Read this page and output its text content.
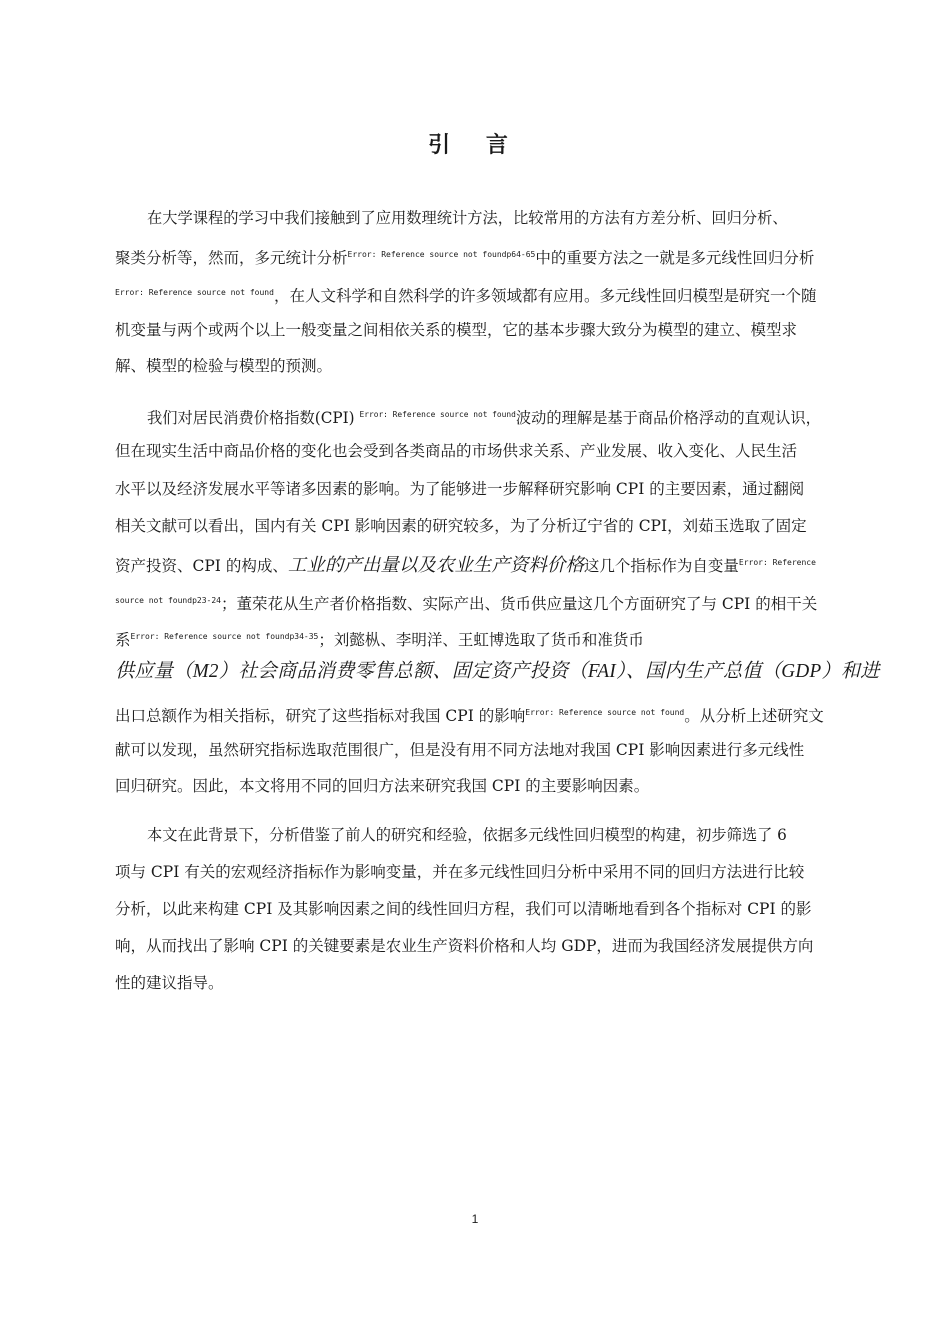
引 言
在大学课程的学习中我们接触到了应用数理统计方法，比较常用的方法有方差分析、回归分析、
聚类分析等，然而，多元统计分析$^{Error: Reference source not foundp64-65}$中的重要方法之一就是多元线性回归分析
$^{Error: Reference source not found}$，在人文科学和自然科学的许多领域都有应用。多元线性回归模型是研究一个随
机变量与两个或两个以上一般变量之间相依关系的模型，它的基本步骤大致分为模型的建立、模型求
解、模型的检验与模型的预测。
我们对居民消费价格指数(CPI) $^{Error: Reference source not found}$波动的理解是基于商品价格浮动的直观认识，
但在现实生活中商品价格的变化也会受到各类商品的市场供求关系、产业发展、收入变化、人民生活
水平以及经济发展水平等诸多因素的影响。为了能够进一步解释研究影响 CPI 的主要因素，通过翻阅
相关文献可以看出，国内有关 CPI 影响因素的研究较多，为了分析辽宁省的 CPI，刘茹玉选取了固定
资产投资、CPI 的构成、工业的产出量以及农业生产资料价格这几个指标作为自变量$^{Error: Reference}$
$^{source not foundp23-24}$；董荣花从生产者价格指数、实际产出、货币供应量这几个方面研究了与 CPI 的相干关
系$^{Error: Reference source not foundp34-35}$；刘懿枞、李明洋、王虹博选取了货币和准货币
供应量（M2）社会商品消费零售总额、固定资产投资（FAI）、国内生产总值（GDP）和进
出口总额作为相关指标，研究了这些指标对我国 CPI 的影响$^{Error: Reference source not found}$。从分析上述研究文
献可以发现，虽然研究指标选取范围很广，但是没有用不同方法地对我国 CPI 影响因素进行多元线性
回归研究。因此，本文将用不同的回归方法来研究我国 CPI 的主要影响因素。
本文在此背景下，分析借鉴了前人的研究和经验，依据多元线性回归模型的构建，初步筛选了 6
项与 CPI 有关的宏观经济指标作为影响变量，并在多元线性回归分析中采用不同的回归方法进行比较
分析，以此来构建 CPI 及其影响因素之间的线性回归方程，我们可以清晰地看到各个指标对 CPI 的影
响，从而找出了影响 CPI 的关键要素是农业生产资料价格和人均 GDP，进而为我国经济发展提供方向
性的建议指导。
1
